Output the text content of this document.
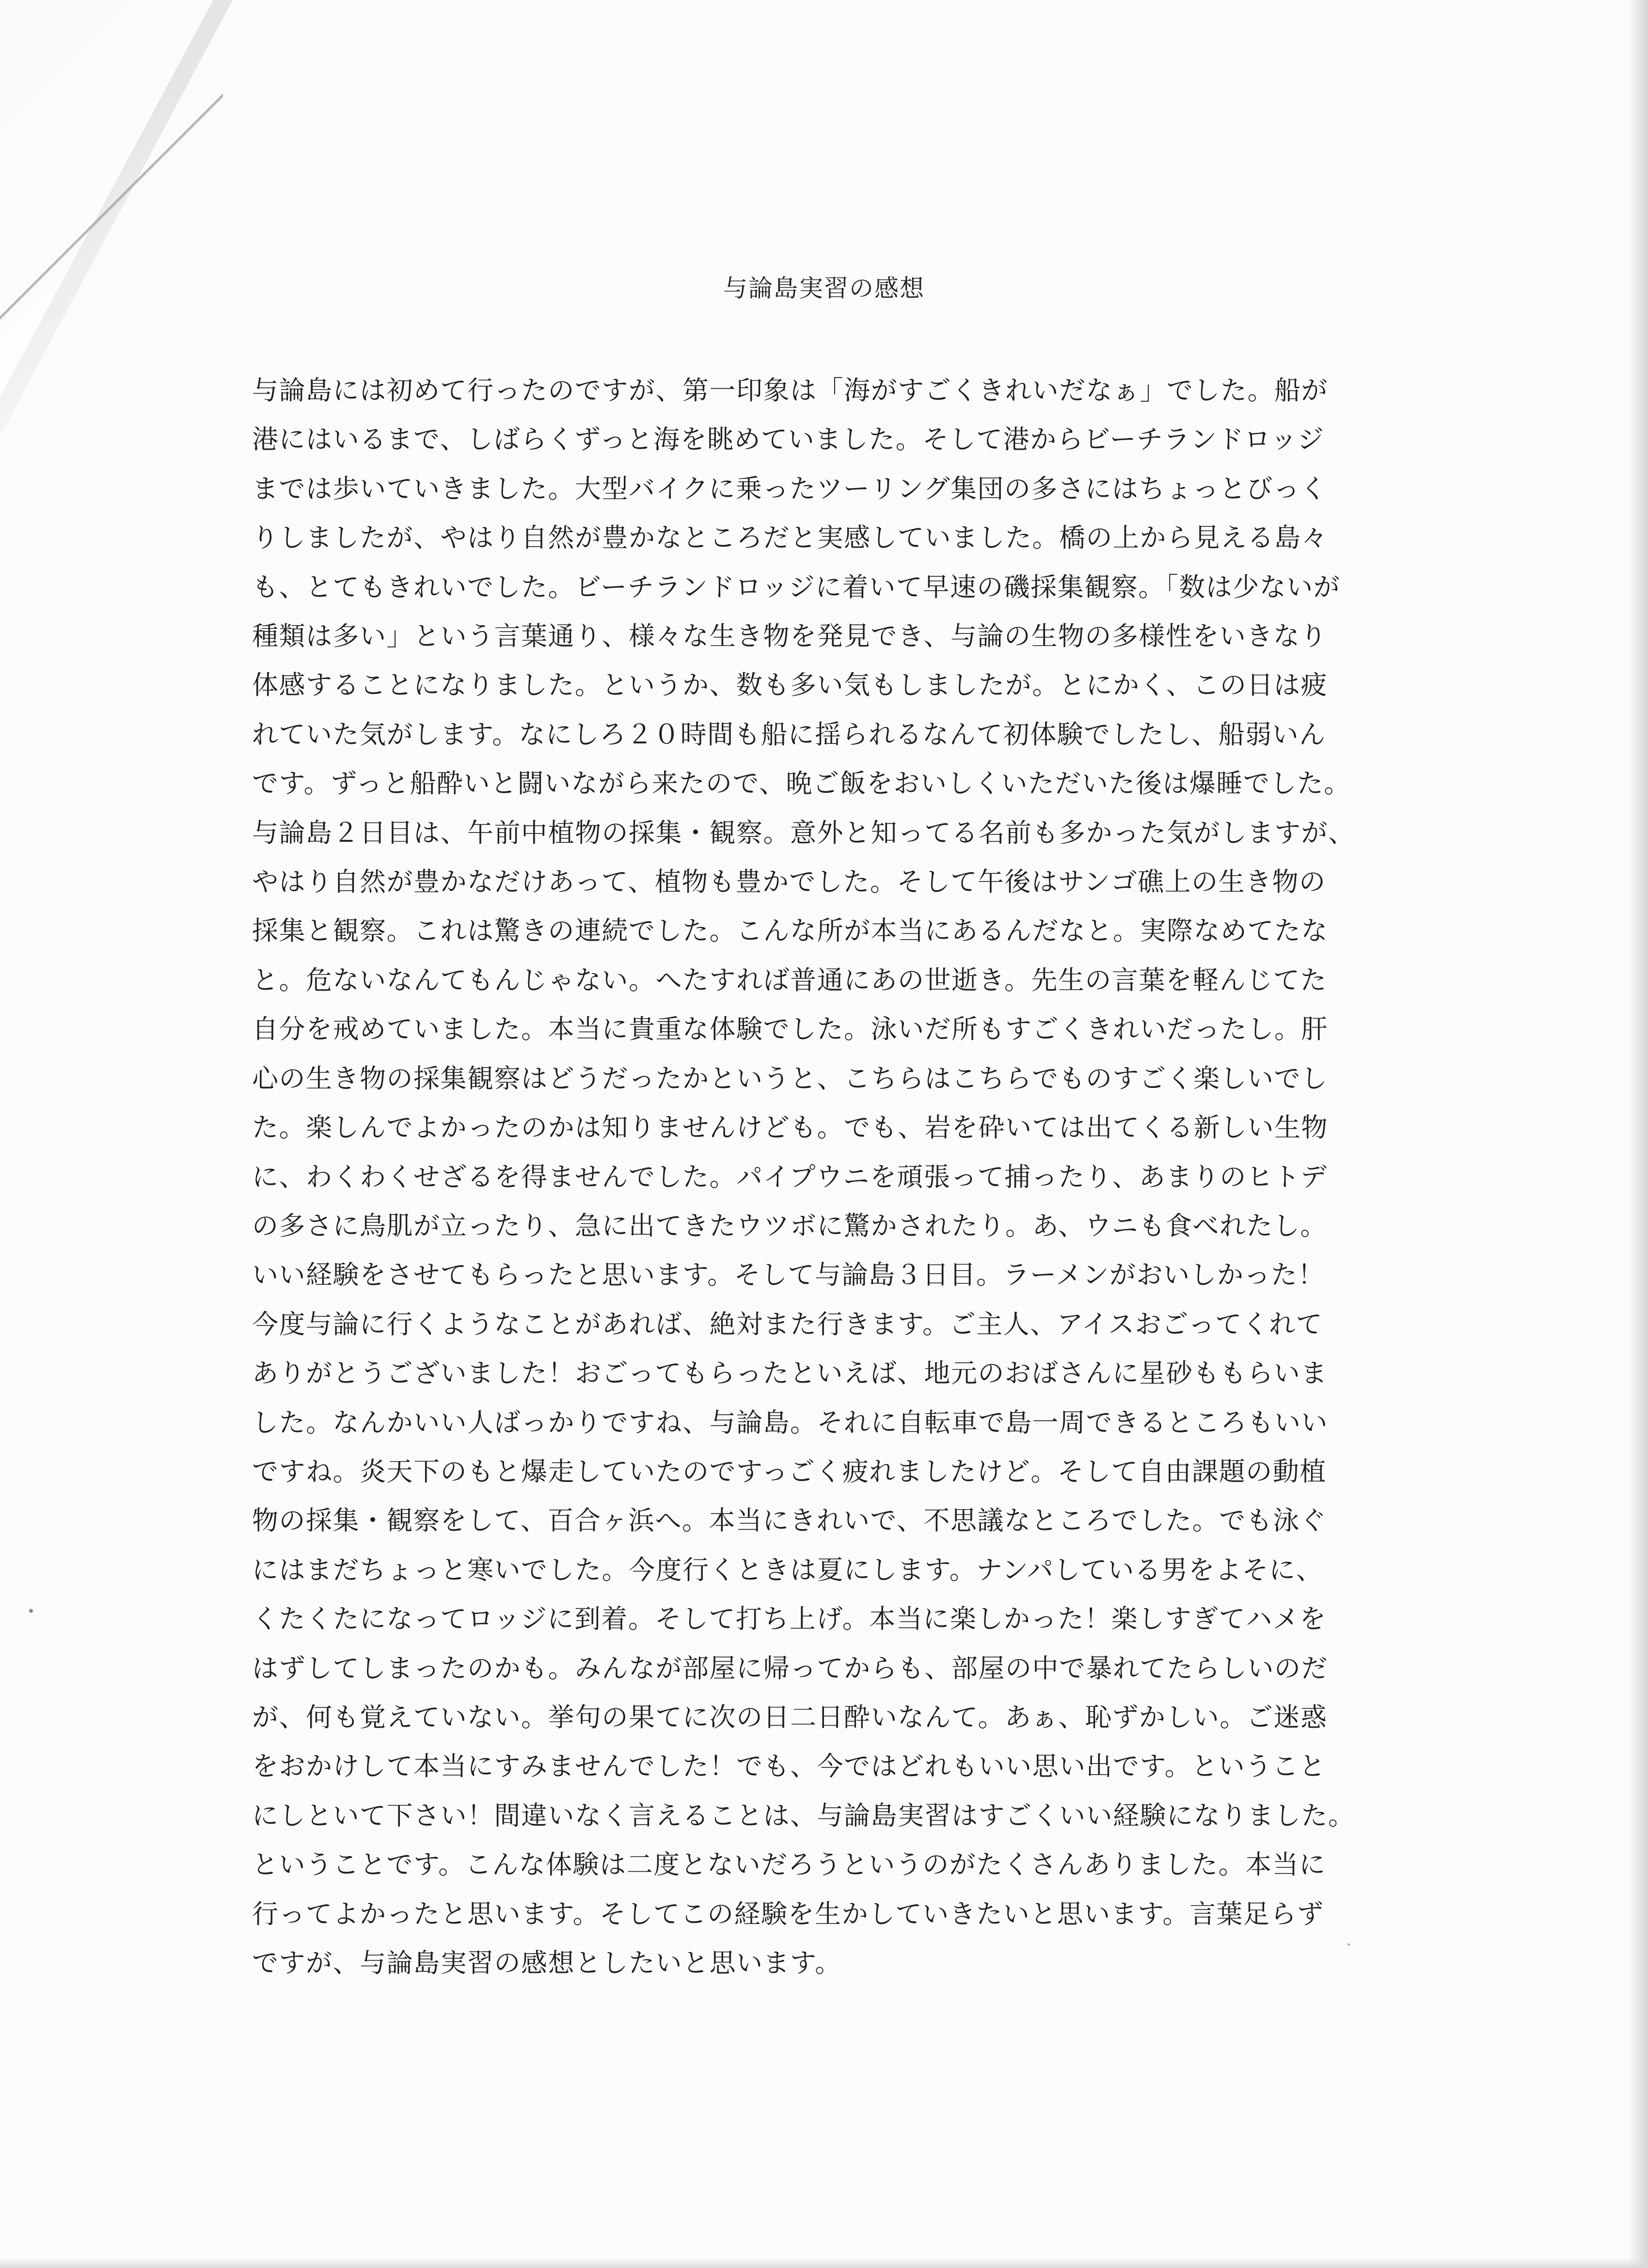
与論島実習の感想
与論島には初めて行ったのですが、第一印象は「海がすごくきれいだなぁ」でした。船が
港にはいるまで、しばらくずっと海を眺めていました。そして港からビーチランドロッジ
までは歩いていきました。大型バイクに乗ったツーリング集団の多さにはちょっとびっく
りしましたが、やはり自然が豊かなところだと実感していました。橋の上から見える島々
も、とてもきれいでした。ビーチランドロッジに着いて早速の磯採集観察。「数は少ないが
種類は多い」という言葉通り、様々な生き物を発見でき、与論の生物の多様性をいきなり
体感することになりました。というか、数も多い気もしましたが。とにかく、この日は疲
れていた気がします。なにしろ２０時間も船に揺られるなんて初体験でしたし、船弱いん
です。ずっと船酔いと闘いながら来たので、晩ご飯をおいしくいただいた後は爆睡でした。
与論島２日目は、午前中植物の採集・観察。意外と知ってる名前も多かった気がしますが、
やはり自然が豊かなだけあって、植物も豊かでした。そして午後はサンゴ礁上の生き物の
採集と観察。これは驚きの連続でした。こんな所が本当にあるんだなと。実際なめてたな
と。危ないなんてもんじゃない。へたすれば普通にあの世逝き。先生の言葉を軽んじてた
自分を戒めていました。本当に貴重な体験でした。泳いだ所もすごくきれいだったし。肝
心の生き物の採集観察はどうだったかというと、こちらはこちらでものすごく楽しいでし
た。楽しんでよかったのかは知りませんけども。でも、岩を砕いては出てくる新しい生物
に、わくわくせざるを得ませんでした。パイプウニを頑張って捕ったり、あまりのヒトデ
の多さに鳥肌が立ったり、急に出てきたウツボに驚かされたり。あ、ウニも食べれたし。
いい経験をさせてもらったと思います。そして与論島３日目。ラーメンがおいしかった！
今度与論に行くようなことがあれば、絶対また行きます。ご主人、アイスおごってくれて
ありがとうございました！おごってもらったといえば、地元のおばさんに星砂ももらいま
した。なんかいい人ばっかりですね、与論島。それに自転車で島一周できるところもいい
ですね。炎天下のもと爆走していたのですっごく疲れましたけど。そして自由課題の動植
物の採集・観察をして、百合ヶ浜へ。本当にきれいで、不思議なところでした。でも泳ぐ
にはまだちょっと寒いでした。今度行くときは夏にします。ナンパしている男をよそに、
くたくたになってロッジに到着。そして打ち上げ。本当に楽しかった！楽しすぎてハメを
はずしてしまったのかも。みんなが部屋に帰ってからも、部屋の中で暴れてたらしいのだ
が、何も覚えていない。挙句の果てに次の日二日酔いなんて。あぁ、恥ずかしい。ご迷惑
をおかけして本当にすみませんでした！でも、今ではどれもいい思い出です。ということ
にしといて下さい！間違いなく言えることは、与論島実習はすごくいい経験になりました。
ということです。こんな体験は二度とないだろうというのがたくさんありました。本当に
行ってよかったと思います。そしてこの経験を生かしていきたいと思います。言葉足らず
ですが、与論島実習の感想としたいと思います。
